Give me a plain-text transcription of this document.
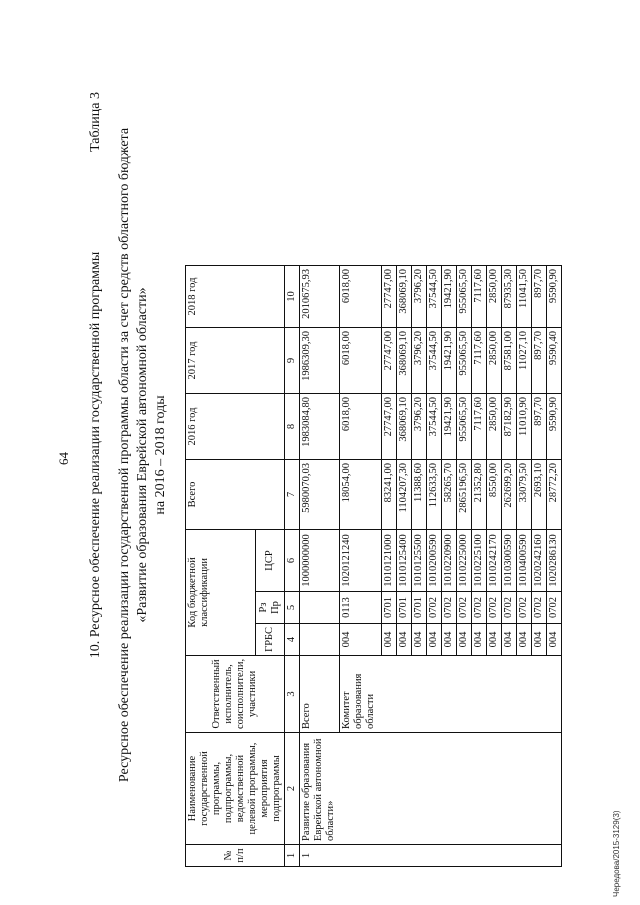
64 10. Ресурсное обеспечение реализации государственной программы
Таблица 3
Ресурсное обеспечение реализации государственной программы области за счет средств областного бюджета «Развитие образования Еврейской автономной области» на 2016 – 2018 годы
№ п/п	Наименование государственной программы, подпрограммы, ведомственной целевой программы, мероприятия подпрограммы	Ответственный исполнитель, соисполнители, участники	Код бюджетной классификации			Всего	2016 год	2017 год	2018 год
			ГРБС	Рз Пр	ЦСР				
1	2	3	4	5	6	7	8	9	10
1	Развитие образования Еврейской автономной области»	Всего			1000000000	5980070,03	1983084,80	1986309,30	2010675,93
		Комитет образования области	004	0113	1020121240	18054,00	6018,00	6018,00	6018,00
			004	0701	1010121000	83241,00	27747,00	27747,00	27747,00
			004	0701	1010125400	1104207,30	368069,10	368069,10	368069,10
			004	0701	1010125500	11388,60	3796,20	3796,20	3796,20
			004	0702	1010200590	112633,50	37544,50	37544,50	37544,50
			004	0702	1010220900	58265,70	19421,90	19421,90	19421,90
			004	0702	1010225000	2865196,50	955065,50	955065,50	955065,50
			004	0702	1010225100	21352,80	7117,60	7117,60	7117,60
			004	0702	1010242170	8550,00	2850,00	2850,00	2850,00
			004	0702	1010300590	262699,20	87182,90	87581,00	87935,30
			004	0702	1010400590	33079,50	11010,90	11027,10	11041,50
			004	0702	1020242160	2693,10	897,70	897,70	897,70
			004	0702	1020286130	28772,20	9590,90	9590,40	9590,90
Чередова/2015-3129(3)
